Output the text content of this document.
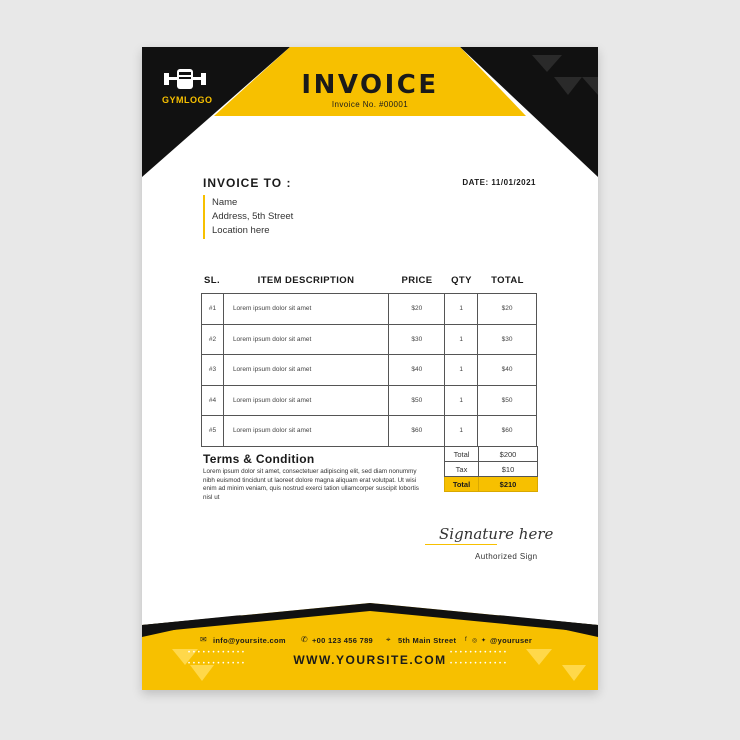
GYMLOGO	INVOICE
Invoice No. #00001
INVOICE TO :	DATE: 11/01/2021
Name
Address, 5th Street
Location here
SL.	ITEM DESCRIPTION	PRICE	QTY	TOTAL
#1	Lorem ipsum dolor sit amet	$20	1	$20
#2	Lorem ipsum dolor sit amet	$30	1	$30
#3	Lorem ipsum dolor sit amet	$40	1	$40
#4	Lorem ipsum dolor sit amet	$50	1	$50
#5	Lorem ipsum dolor sit amet	$60	1	$60
Terms & Condition
Lorem ipsum dolor sit amet, consectetuer adipiscing elit, sed diam nonummy nibh euismod tincidunt ut laoreet dolore magna aliquam erat volutpat. Ut wisi enim ad minim veniam, quis nostrud exerci tation ullamcorper suscipit lobortis nisl ut
Total	$200
Tax	$10
Total	$210
Signature here
Authorized Sign
✉ info@yoursite.com ✆ +00 123 456 789 ⌖ 5th Main Street f ◎ ✦ @youruser
••••••••••••
••••••••••••	WWW.YOURSITE.COM ••••••••••••
••••••••••••
